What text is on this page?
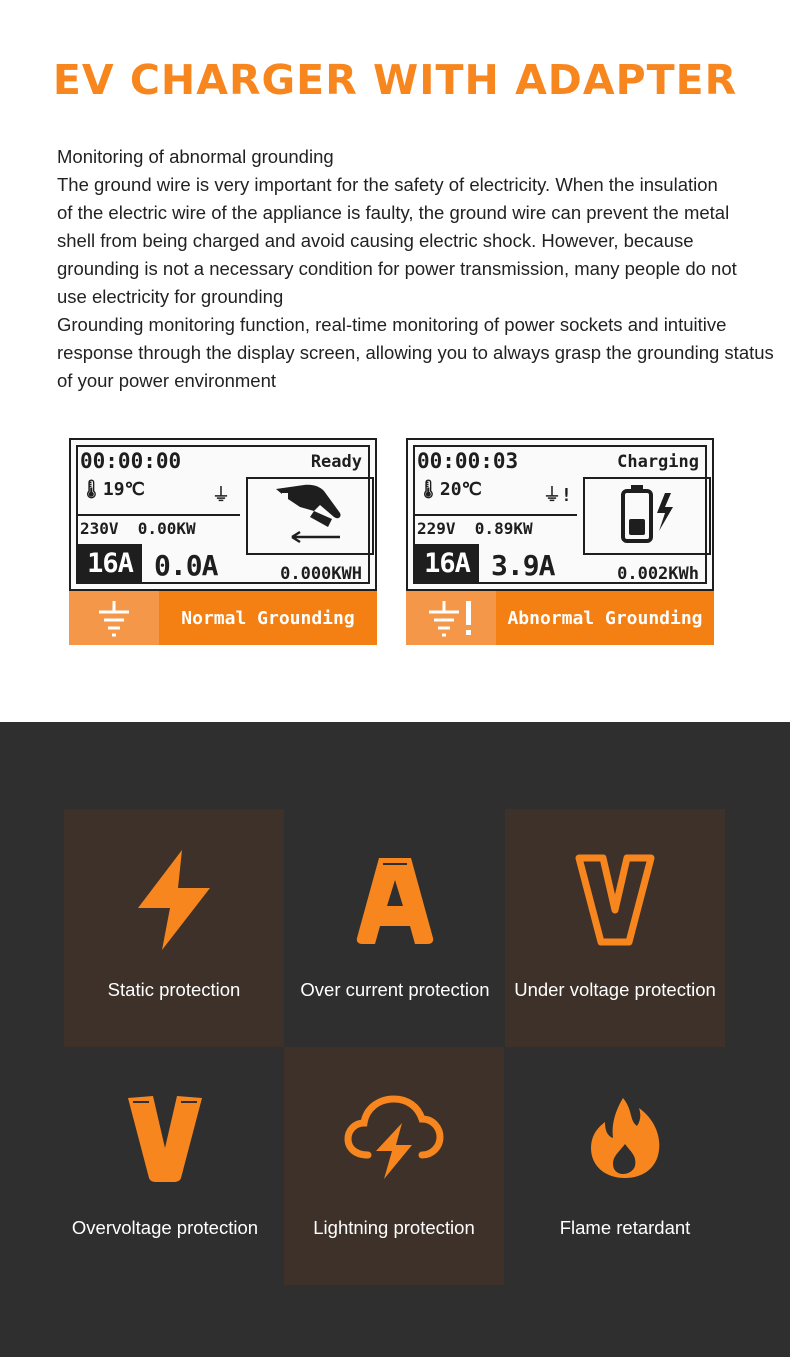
EV CHARGER WITH ADAPTER

Monitoring of abnormal grounding

The ground wire is very important for the safety of electricity. When the insulation

of the electric wire of the appliance is faulty, the ground wire can prevent the metal

shell from being charged and avoid causing electric shock. However, because

grounding is not a necessary condition for power transmission, many people do not

use electricity for grounding

Grounding monitoring function, real-time monitoring of power sockets and intuitive

response through the display screen, allowing you to always grasp the grounding status

of your power environment

00:00:00	Ready
🌡19℃	⏚
230V 0.00KW
16A 0.0A	0.000KWH
Normal Grounding
00:00:03	Charging
🌡20℃	⏚!
229V 0.89KW
16A 3.9A	0.002KWh
Abnormal Grounding
Static protection	Over current protection	Under voltage protection
Overvoltage protection	Lightning protection	Flame retardant
